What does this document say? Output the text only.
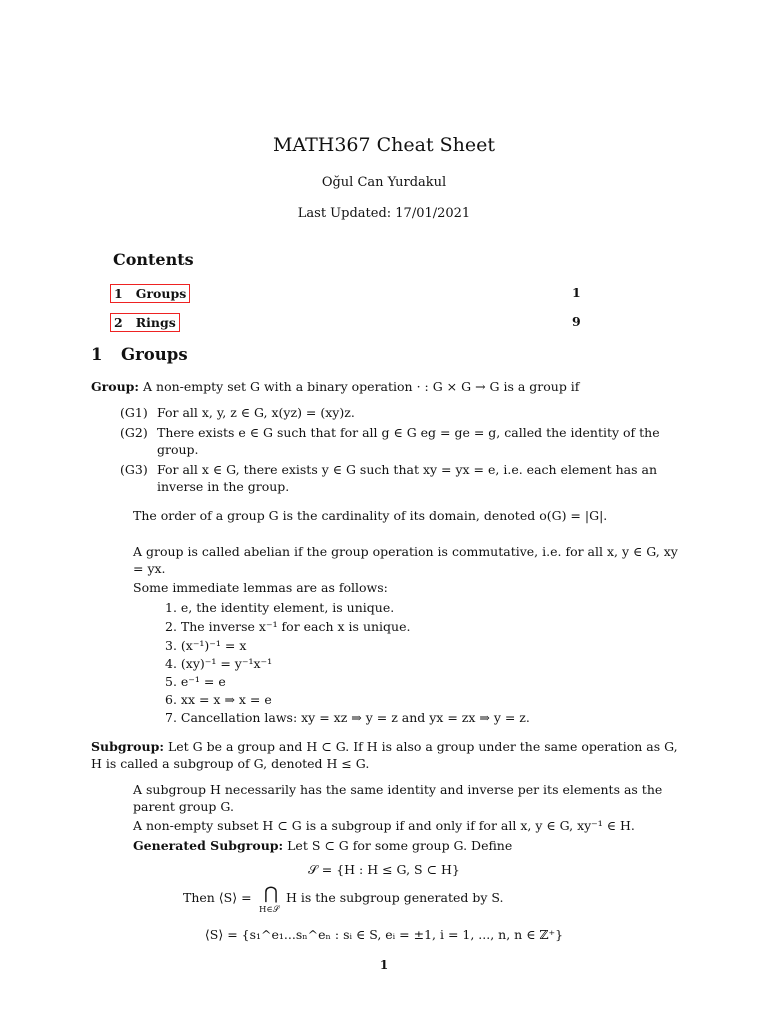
MATH367 Cheat Sheet
Oğul Can Yurdakul
Last Updated: 17/01/2021
Contents
1 Groups	1
2 Rings	9
1 Groups
Group: A non-empty set G with a binary operation · : G × G → G is a group if
(G1) For all x, y, z ∈ G, x(yz) = (xy)z.
(G2) There exists e ∈ G such that for all g ∈ G eg = ge = g, called the identity of the group.
(G3) For all x ∈ G, there exists y ∈ G such that xy = yx = e, i.e. each element has an inverse in the group.
The order of a group G is the cardinality of its domain, denoted o(G) = |G|.
A group is called abelian if the group operation is commutative, i.e. for all x, y ∈ G, xy = yx.
Some immediate lemmas are as follows:
1. e, the identity element, is unique.
2. The inverse x⁻¹ for each x is unique.
3. (x⁻¹)⁻¹ = x
4. (xy)⁻¹ = y⁻¹x⁻¹
5. e⁻¹ = e
6. xx = x ⇒ x = e
7. Cancellation laws: xy = xz ⇒ y = z and yx = zx ⇒ y = z.
Subgroup: Let G be a group and H ⊂ G. If H is also a group under the same operation as G, H is called a subgroup of G, denoted H ≤ G.
A subgroup H necessarily has the same identity and inverse per its elements as the parent group G.
A non-empty subset H ⊂ G is a subgroup if and only if for all x, y ∈ G, xy⁻¹ ∈ H.
Generated Subgroup: Let S ⊂ G for some group G. Define
𝒮 = {H : H ≤ G, S ⊂ H}
Then ⟨S⟩ = ⋂
H∈𝒮
H is the subgroup generated by S.
⟨S⟩ = {s₁^e₁...sₙ^eₙ : sᵢ ∈ S, eᵢ = ±1, i = 1, ..., n, n ∈ ℤ⁺}
1
